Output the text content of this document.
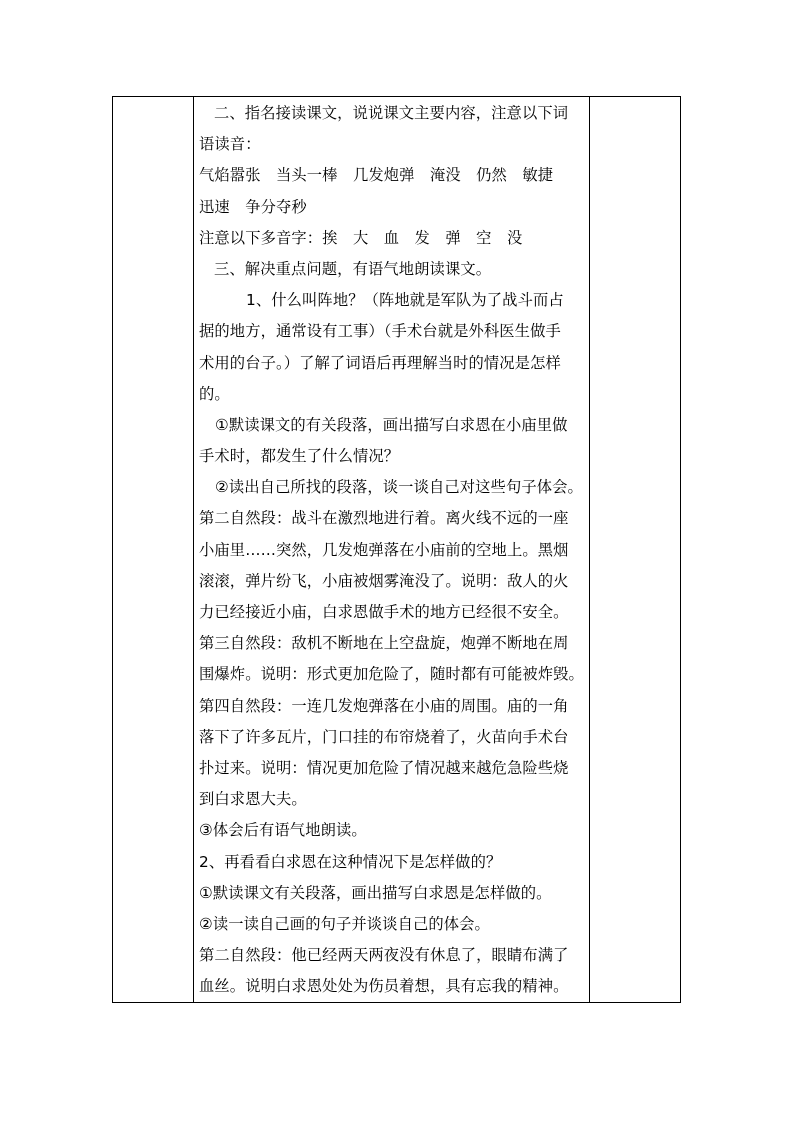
二、指名接读课文，说说课文主要内容，注意以下词
语读音：
气焰嚣张　当头一棒　几发炮弹　淹没　仍然　敏捷
迅速　争分夺秒
注意以下多音字：挨　大　血　发　弹　空　没
三、解决重点问题，有语气地朗读课文。
1、什么叫阵地？（阵地就是军队为了战斗而占
据的地方，通常设有工事）（手术台就是外科医生做手
术用的台子。）了解了词语后再理解当时的情况是怎样
的。
①默读课文的有关段落，画出描写白求恩在小庙里做
手术时，都发生了什么情况？
②读出自己所找的段落，谈一谈自己对这些句子体会。
第二自然段：战斗在激烈地进行着。离火线不远的一座
小庙里……突然，几发炮弹落在小庙前的空地上。黑烟
滚滚，弹片纷飞，小庙被烟雾淹没了。说明：敌人的火
力已经接近小庙，白求恩做手术的地方已经很不安全。
第三自然段：敌机不断地在上空盘旋，炮弹不断地在周
围爆炸。说明：形式更加危险了，随时都有可能被炸毁。
第四自然段：一连几发炮弹落在小庙的周围。庙的一角
落下了许多瓦片，门口挂的布帘烧着了，火苗向手术台
扑过来。说明：情况更加危险了情况越来越危急险些烧
到白求恩大夫。
③体会后有语气地朗读。
2、再看看白求恩在这种情况下是怎样做的？
①默读课文有关段落，画出描写白求恩是怎样做的。
②读一读自己画的句子并谈谈自己的体会。
第二自然段：他已经两天两夜没有休息了，眼睛布满了
血丝。说明白求恩处处为伤员着想，具有忘我的精神。
